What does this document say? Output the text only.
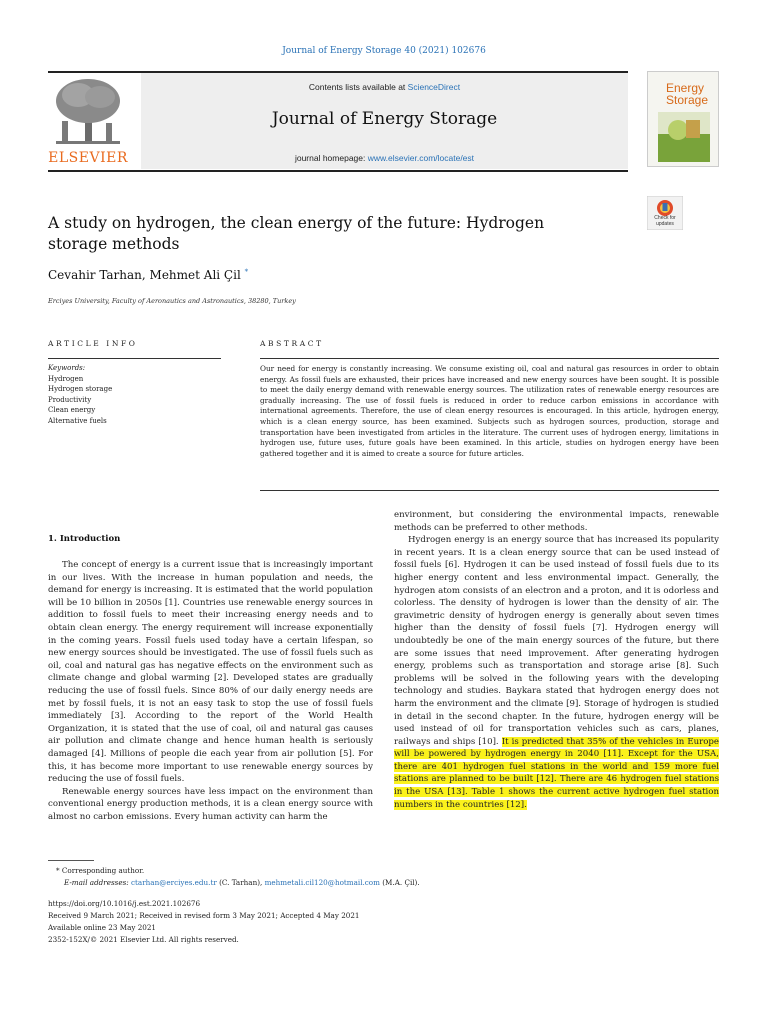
Journal of Energy Storage 40 (2021) 102676
ELSEVIER
Contents lists available at ScienceDirect
Journal of Energy Storage
journal homepage: www.elsevier.com/locate/est
Energy
Storage
A study on hydrogen, the clean energy of the future: Hydrogen storage methods
Check for updates
Cevahir Tarhan, Mehmet Ali Çil *
Erciyes University, Faculty of Aeronautics and Astronautics, 38280, Turkey
ARTICLE INFO
Keywords:
Hydrogen
Hydrogen storage
Productivity
Clean energy
Alternative fuels
ABSTRACT
Our need for energy is constantly increasing. We consume existing oil, coal and natural gas resources in order to obtain energy. As fossil fuels are exhausted, their prices have increased and new energy sources have been sought. It is possible to meet the daily energy demand with renewable energy sources. The utilization rates of renewable energy resources are gradually increasing. The use of fossil fuels is reduced in order to reduce carbon emissions in accordance with international agreements. Therefore, the use of clean energy resources is encouraged. In this article, hydrogen energy, which is a clean energy source, has been examined. Subjects such as hydrogen sources, production, storage and transportation have been investigated from articles in the literature. The current uses of hydrogen energy, limitations in hydrogen use, future uses, future goals have been examined. In this article, studies on hydrogen energy have been gathered together and it is aimed to create a source for future articles.
1. Introduction

The concept of energy is a current issue that is increasingly important in our lives. With the increase in human population and needs, the demand for energy is increasing. It is estimated that the world population will be 10 billion in 2050s [1]. Countries use renewable energy sources in addition to fossil fuels to meet their increasing energy needs and to obtain clean energy. The energy requirement will increase exponentially in the coming years. Fossil fuels used today have a certain lifespan, so new energy sources should be investigated. The use of fossil fuels such as oil, coal and natural gas has negative effects on the environment such as climate change and global warming [2]. Developed states are gradually reducing the use of fossil fuels. Since 80% of our daily energy needs are met by fossil fuels, it is not an easy task to stop the use of fossil fuels immediately [3]. According to the report of the World Health Organization, it is stated that the use of coal, oil and natural gas causes air pollution and climate change and hence human health is seriously damaged [4]. Millions of people die each year from air pollution [5]. For this, it has become more important to use renewable energy sources by reducing the use of fossil fuels.

Renewable energy sources have less impact on the environment than conventional energy production methods, it is a clean energy source with almost no carbon emissions. Every human activity can harm the

environment, but considering the environmental impacts, renewable methods can be preferred to other methods.

Hydrogen energy is an energy source that has increased its popularity in recent years. It is a clean energy source that can be used instead of fossil fuels [6]. Hydrogen it can be used instead of fossil fuels due to its higher energy content and less environmental impact. Generally, the hydrogen atom consists of an electron and a proton, and it is odorless and colorless. The density of hydrogen is lower than the density of air. The gravimetric density of hydrogen energy is generally about seven times higher than the density of fossil fuels [7]. Hydrogen energy will undoubtedly be one of the main energy sources of the future, but there are some issues that need improvement. After generating hydrogen energy, problems such as transportation and storage arise [8]. Such problems will be solved in the following years with the developing technology and studies. Baykara stated that hydrogen energy does not harm the environment and the climate [9]. Storage of hydrogen is studied in detail in the second chapter. In the future, hydrogen energy will be used instead of oil for transportation vehicles such as cars, planes, railways and ships [10]. It is predicted that 35% of the vehicles in Europe will be powered by hydrogen energy in 2040 [11]. Except for the USA, there are 401 hydrogen fuel stations in the world and 159 more fuel stations are planned to be built [12]. There are 46 hydrogen fuel stations in the USA [13]. Table 1 shows the current active hydrogen fuel station numbers in the countries [12].

* Corresponding author.
E-mail addresses: ctarhan@erciyes.edu.tr (C. Tarhan), mehmetali.cil120@hotmail.com (M.A. Çil).
https://doi.org/10.1016/j.est.2021.102676
Received 9 March 2021; Received in revised form 3 May 2021; Accepted 4 May 2021
Available online 23 May 2021
2352-152X/© 2021 Elsevier Ltd. All rights reserved.
